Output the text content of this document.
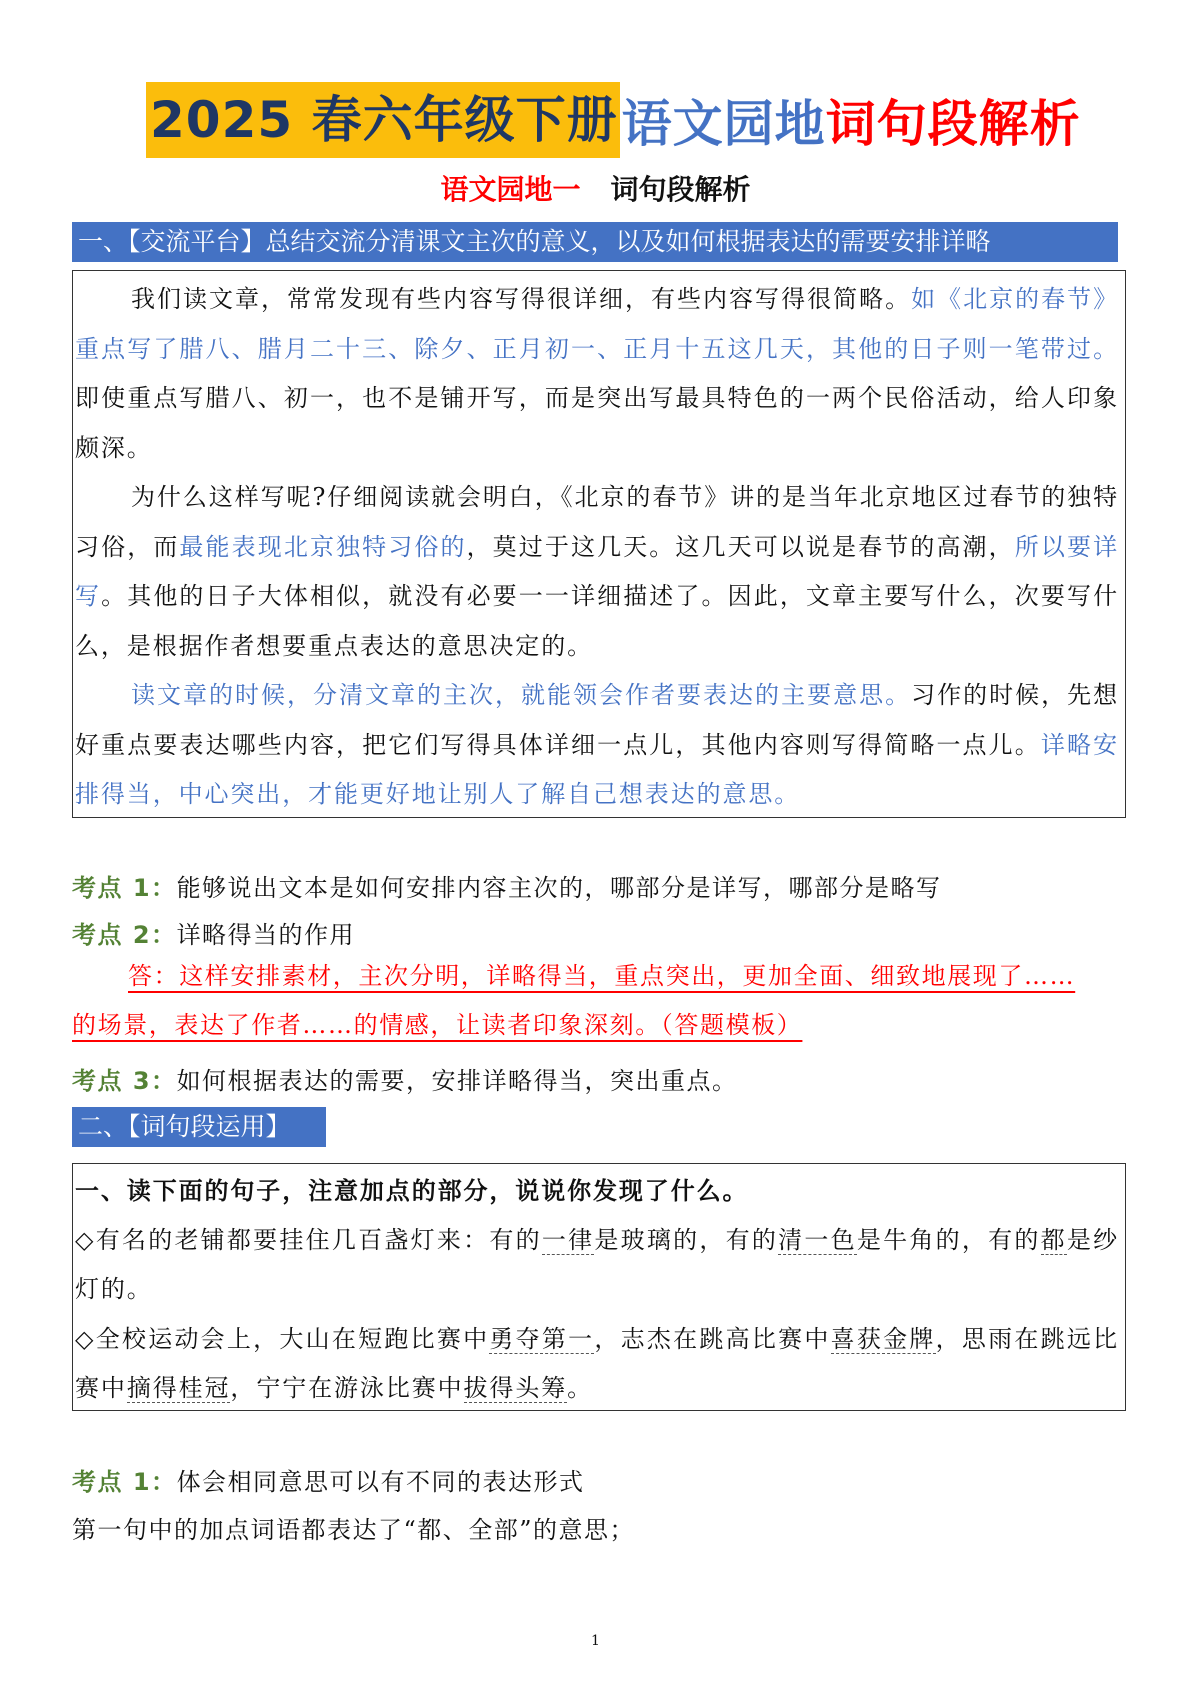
2025 春六年级下册 语文园地 词句段解析
语文园地一 词句段解析
一、【交流平台】总结交流分清课文主次的意义，以及如何根据表达的需要安排详略

我们读文章，常常发现有些内容写得很详细，有些内容写得很简略。如《北京的春节》重点写了腊八、腊月二十三、除夕、正月初一、正月十五这几天，其他的日子则一笔带过。即使重点写腊八、初一，也不是铺开写，而是突出写最具特色的一两个民俗活动，给人印象颇深。

为什么这样写呢?仔细阅读就会明白，《北京的春节》讲的是当年北京地区过春节的独特习俗，而最能表现北京独特习俗的，莫过于这几天。这几天可以说是春节的高潮，所以要详写。其他的日子大体相似，就没有必要一一详细描述了。因此，文章主要写什么，次要写什么，是根据作者想要重点表达的意思决定的。

读文章的时候，分清文章的主次，就能领会作者要表达的主要意思。习作的时候，先想好重点要表达哪些内容，把它们写得具体详细一点儿，其他内容则写得简略一点儿。详略安排得当，中心突出，才能更好地让别人了解自己想表达的意思。

考点 1：能够说出文本是如何安排内容主次的，哪部分是详写，哪部分是略写
考点 2：详略得当的作用
答：这样安排素材，主次分明，详略得当，重点突出，更加全面、细致地展现了……
的场景，表达了作者……的情感，让读者印象深刻。（答题模板）
考点 3：如何根据表达的需要，安排详略得当，突出重点。
二、【词句段运用】

一、读下面的句子，注意加点的部分，说说你发现了什么。

◇有名的老铺都要挂住几百盏灯来：有的一律是玻璃的，有的清一色是牛角的，有的都是纱灯的。

◇全校运动会上，大山在短跑比赛中勇夺第一，志杰在跳高比赛中喜获金牌，思雨在跳远比赛中摘得桂冠，宁宁在游泳比赛中拔得头筹。

考点 1：体会相同意思可以有不同的表达形式
第一句中的加点词语都表达了“都、全部”的意思；
1
